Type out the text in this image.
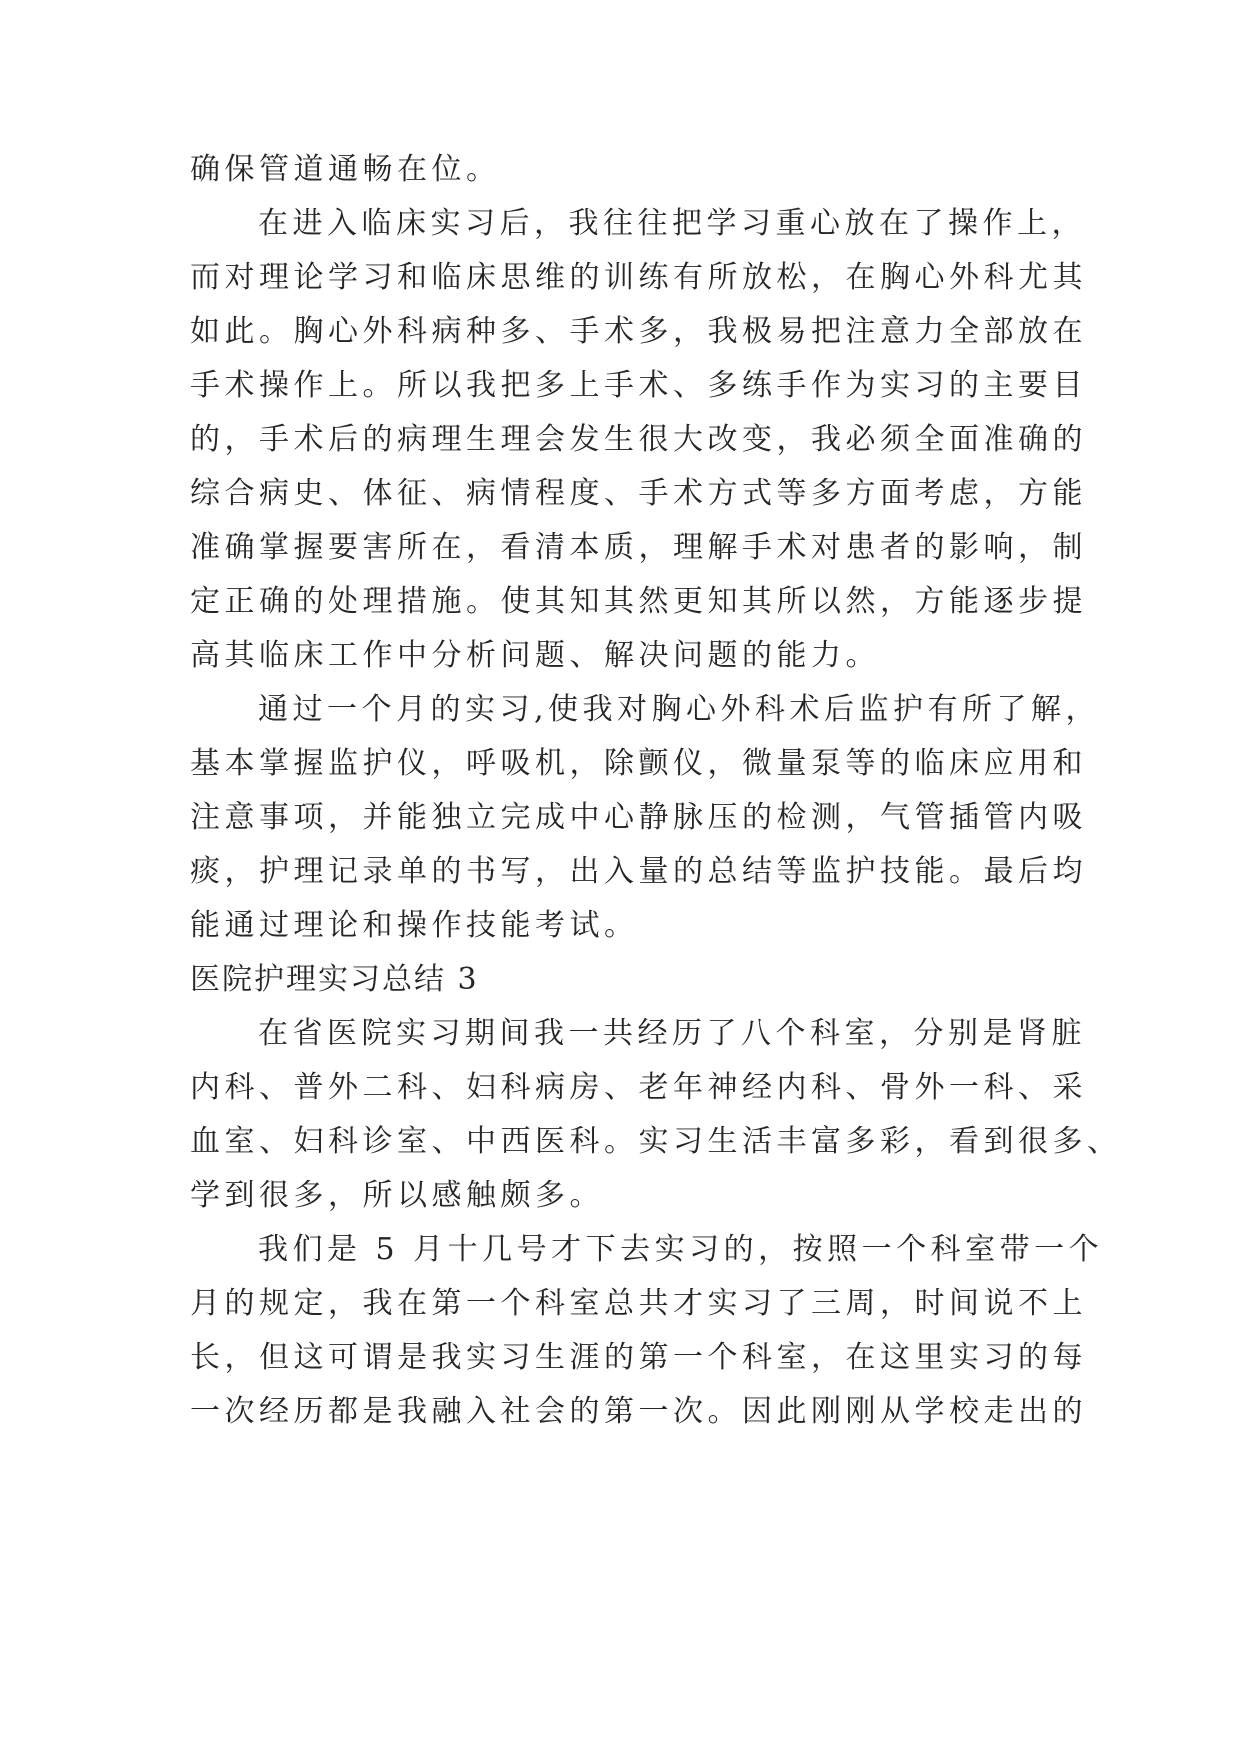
确保管道通畅在位。
在进入临床实习后，我往往把学习重心放在了操作上，
而对理论学习和临床思维的训练有所放松，在胸心外科尤其
如此。胸心外科病种多、手术多，我极易把注意力全部放在
手术操作上。所以我把多上手术、多练手作为实习的主要目
的，手术后的病理生理会发生很大改变，我必须全面准确的
综合病史、体征、病情程度、手术方式等多方面考虑，方能
准确掌握要害所在，看清本质，理解手术对患者的影响，制
定正确的处理措施。使其知其然更知其所以然，方能逐步提
高其临床工作中分析问题、解决问题的能力。
通过一个月的实习,使我对胸心外科术后监护有所了解，
基本掌握监护仪，呼吸机，除颤仪，微量泵等的临床应用和
注意事项，并能独立完成中心静脉压的检测，气管插管内吸
痰，护理记录单的书写，出入量的总结等监护技能。最后均
能通过理论和操作技能考试。
医院护理实习总结 3
在省医院实习期间我一共经历了八个科室，分别是肾脏
内科、普外二科、妇科病房、老年神经内科、骨外一科、采
血室、妇科诊室、中西医科。实习生活丰富多彩，看到很多、
学到很多，所以感触颇多。
我们是 5 月十几号才下去实习的，按照一个科室带一个
月的规定，我在第一个科室总共才实习了三周，时间说不上
长，但这可谓是我实习生涯的第一个科室，在这里实习的每
一次经历都是我融入社会的第一次。因此刚刚从学校走出的
